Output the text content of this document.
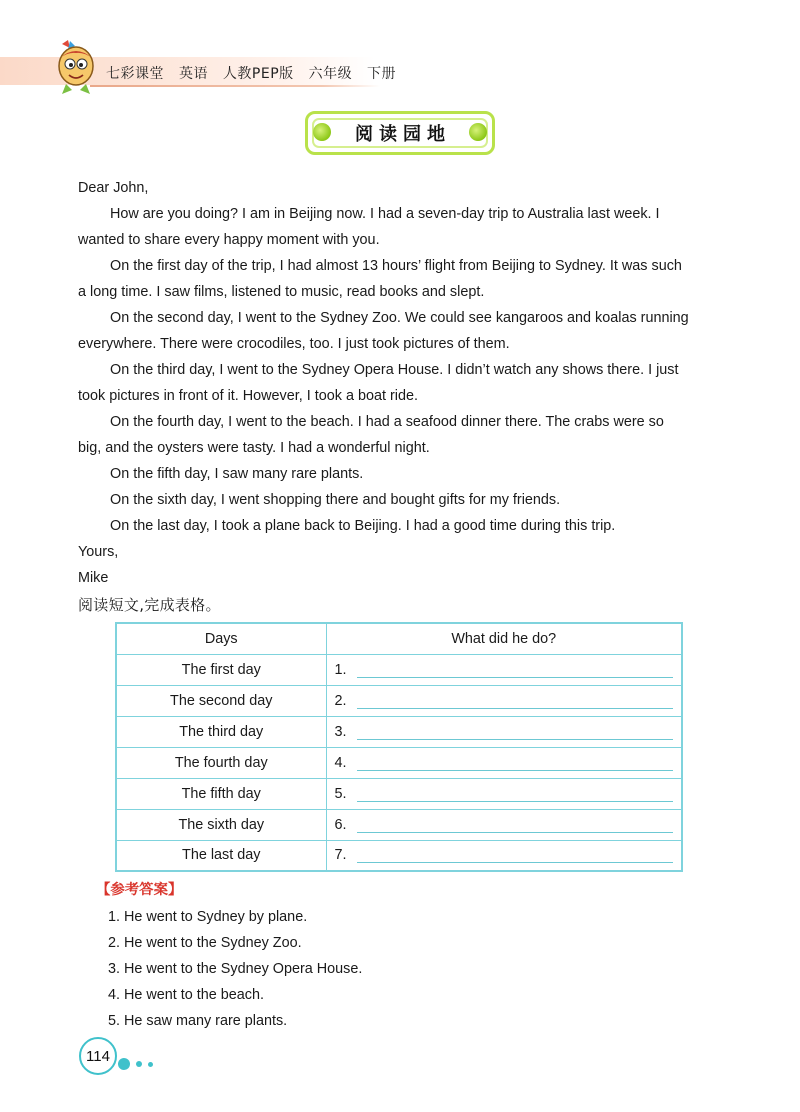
七彩课堂 英语 人教PEP版 六年级 下册
阅读园地

Dear John,

How are you doing? I am in Beijing now. I had a seven-day trip to Australia last week. I
wanted to share every happy moment with you.

On the first day of the trip, I had almost 13 hours’ flight from Beijing to Sydney. It was such
a long time. I saw films, listened to music, read books and slept.

On the second day, I went to the Sydney Zoo. We could see kangaroos and koalas running
everywhere. There were crocodiles, too. I just took pictures of them.

On the third day, I went to the Sydney Opera House. I didn’t watch any shows there. I just
took pictures in front of it. However, I took a boat ride.

On the fourth day, I went to the beach. I had a seafood dinner there. The crabs were so
big, and the oysters were tasty. I had a wonderful night.

On the fifth day, I saw many rare plants.

On the sixth day, I went shopping there and bought gifts for my friends.

On the last day, I took a plane back to Beijing. I had a good time during this trip.

Yours,

Mike

阅读短文,完成表格。
Days	What did he do?
The first day	1.

The second day	2.

The third day	3.

The fourth day	4.

The fifth day	5.

The sixth day	6.

The last day	7.
【参考答案】
1. He went to Sydney by plane.
2. He went to the Sydney Zoo.
3. He went to the Sydney Opera House.
4. He went to the beach.
5. He saw many rare plants.
114
